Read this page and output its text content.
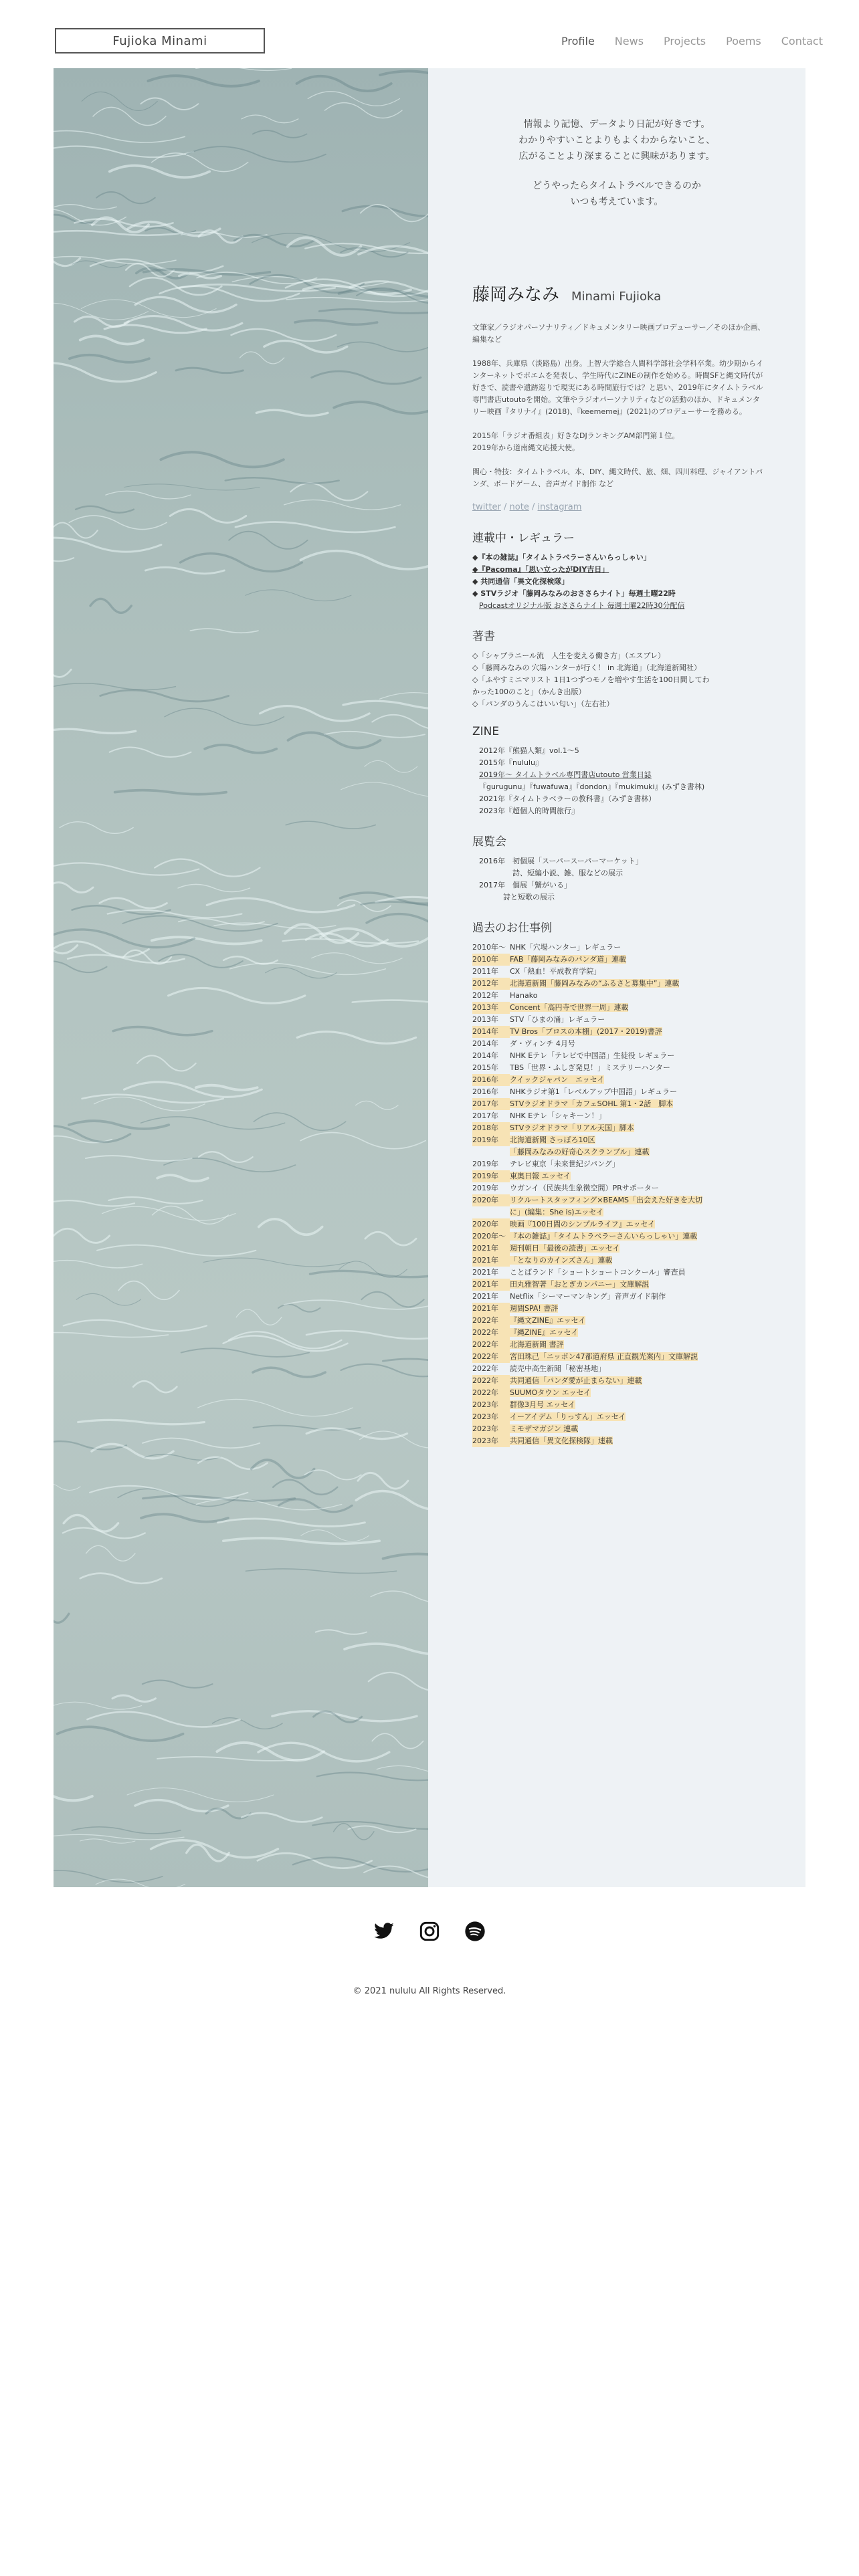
Fujioka Minami	Profile News Projects Poems Contact
情報より記憶、データより日記が好きです。
わかりやすいことよりもよくわからないこと、
広がることより深まることに興味があります。
どうやったらタイムトラベルできるのか
いつも考えています。
藤岡みなみ Minami Fujioka

文筆家／ラジオパーソナリティ／ドキュメンタリー映画プロデューサー／そのほか企画、編集など

1988年、兵庫県（淡路島）出身。上智大学総合人間科学部社会学科卒業。幼少期からインターネットでポエムを発表し、学生時代にZINEの制作を始める。時間SFと縄文時代が好きで、読書や遺跡巡りで現実にある時間旅行では？と思い、2019年にタイムトラベル専門書店utoutoを開始。文筆やラジオパーソナリティなどの活動のほか、ドキュメンタリー映画『タリナイ』(2018)、『keememej』(2021)のプロデューサーを務める。

2015年「ラジオ番組表」好きなDJランキングAM部門第１位。
2019年から道南縄文応援大使。

関心・特技：タイムトラベル、本、DIY、縄文時代、旅、畑、四川料理、ジャイアントパンダ、ボードゲーム、音声ガイド制作 など

twitter / note / instagram
連載中・レギュラー
◆『本の雑誌』「タイムトラベラーさんいらっしゃい」
◆『Pacoma』「思い立ったがDIY吉日」
◆ 共同通信「異文化探検隊」
◆ STVラジオ「藤岡みなみのおささらナイト」毎週土曜22時
Podcastオリジナル版 おささらナイト 毎週土曜22時30分配信
著書
◇「シャプラニール流　人生を変える働き方」（エスプレ）
◇「藤岡みなみの 穴場ハンターが行く！ in 北海道」（北海道新聞社）
◇「ふやすミニマリスト 1日1つずつモノを増やす生活を100日間してわ
かった100のこと」（かんき出版）
◇「パンダのうんこはいい匂い」（左右社）
ZINE
2012年『熊猫人類』vol.1〜5
2015年『nululu』
2019年〜 タイムトラベル専門書店utouto 営業日誌
『gurugunu』『fuwafuwa』『dondon』『mukimuki』(みずき書林)
2021年『タイムトラベラーの教科書』（みずき書林）
2023年『超個人的時間旅行』
展覧会
2016年　初個展「スーパースーパーマーケット」
詩、短編小説、雑、服などの展示
2017年　個展「蟹がいる」
詩と短歌の展示
過去のお仕事例
2010年〜 NHK「穴場ハンター」レギュラー
2010年 FAB「藤岡みなみのパンダ道」連載
2011年 CX「熱血！平成教育学院」
2012年 北海道新聞「藤岡みなみの“ふるさと募集中”」連載
2012年 Hanako
2013年 Concent「高円寺で世界一周」連載
2013年 STV「ひまの涌」レギュラー
2014年 TV Bros「ブロスの本棚」(2017・2019)書評
2014年 ダ・ヴィンチ 4月号
2014年 NHK Eテレ「テレビで中国語」生徒役 レギュラー
2015年 TBS「世界・ふしぎ発見！」ミステリーハンター
2016年 クイックジャパン　エッセイ
2016年 NHKラジオ第1「レベルアップ中国語」レギュラー
2017年 STVラジオドラマ「カフェSOHL 第1・2話　脚本
2017年 NHK Eテレ「シャキーン！」
2018年 STVラジオドラマ「リアル天国」脚本
2019年 北海道新聞 さっぽろ10区
「藤岡みなみの好奇心スクランブル」連載
2019年 テレビ東京「未来世紀ジパング」
2019年 東奥日報 エッセイ
2019年 ウガンイ（民族共生象徴空間）PRサポーター
2020年 リクルートスタッフィング×BEAMS「出会えた好きを大切
に」(編集：She is)エッセイ
2020年 映画『100日間のシンプルライフ』エッセイ
2020年〜 『本の雑誌』「タイムトラベラーさんいらっしゃい」連載
2021年 週刊朝日「最後の読書」エッセイ
2021年 「となりのカインズさん」連載
2021年 ことばランド「ショートショートコンクール」審査員
2021年 田丸雅智著「おとぎカンパニー」文庫解説
2021年 Netflix「シーマーマンキング」音声ガイド制作
2021年 週間SPA! 書評
2022年 『縄文ZINE』エッセイ
2022年 『縄ZINE』エッセイ
2022年 北海道新聞 書評
2022年 宮田珠己「ニッポン47都道府県 正直観光案内」文庫解説
2022年 読売中高生新聞「秘密基地」
2022年 共同通信「パンダ愛が止まらない」連載
2022年 SUUMOタウン エッセイ
2023年 群像3月号 エッセイ
2023年 イーアイデム「りっすん」エッセイ
2023年 ミモザマガジン 連載
2023年 共同通信「異文化探検隊」連載
© 2021 nululu All Rights Reserved.
